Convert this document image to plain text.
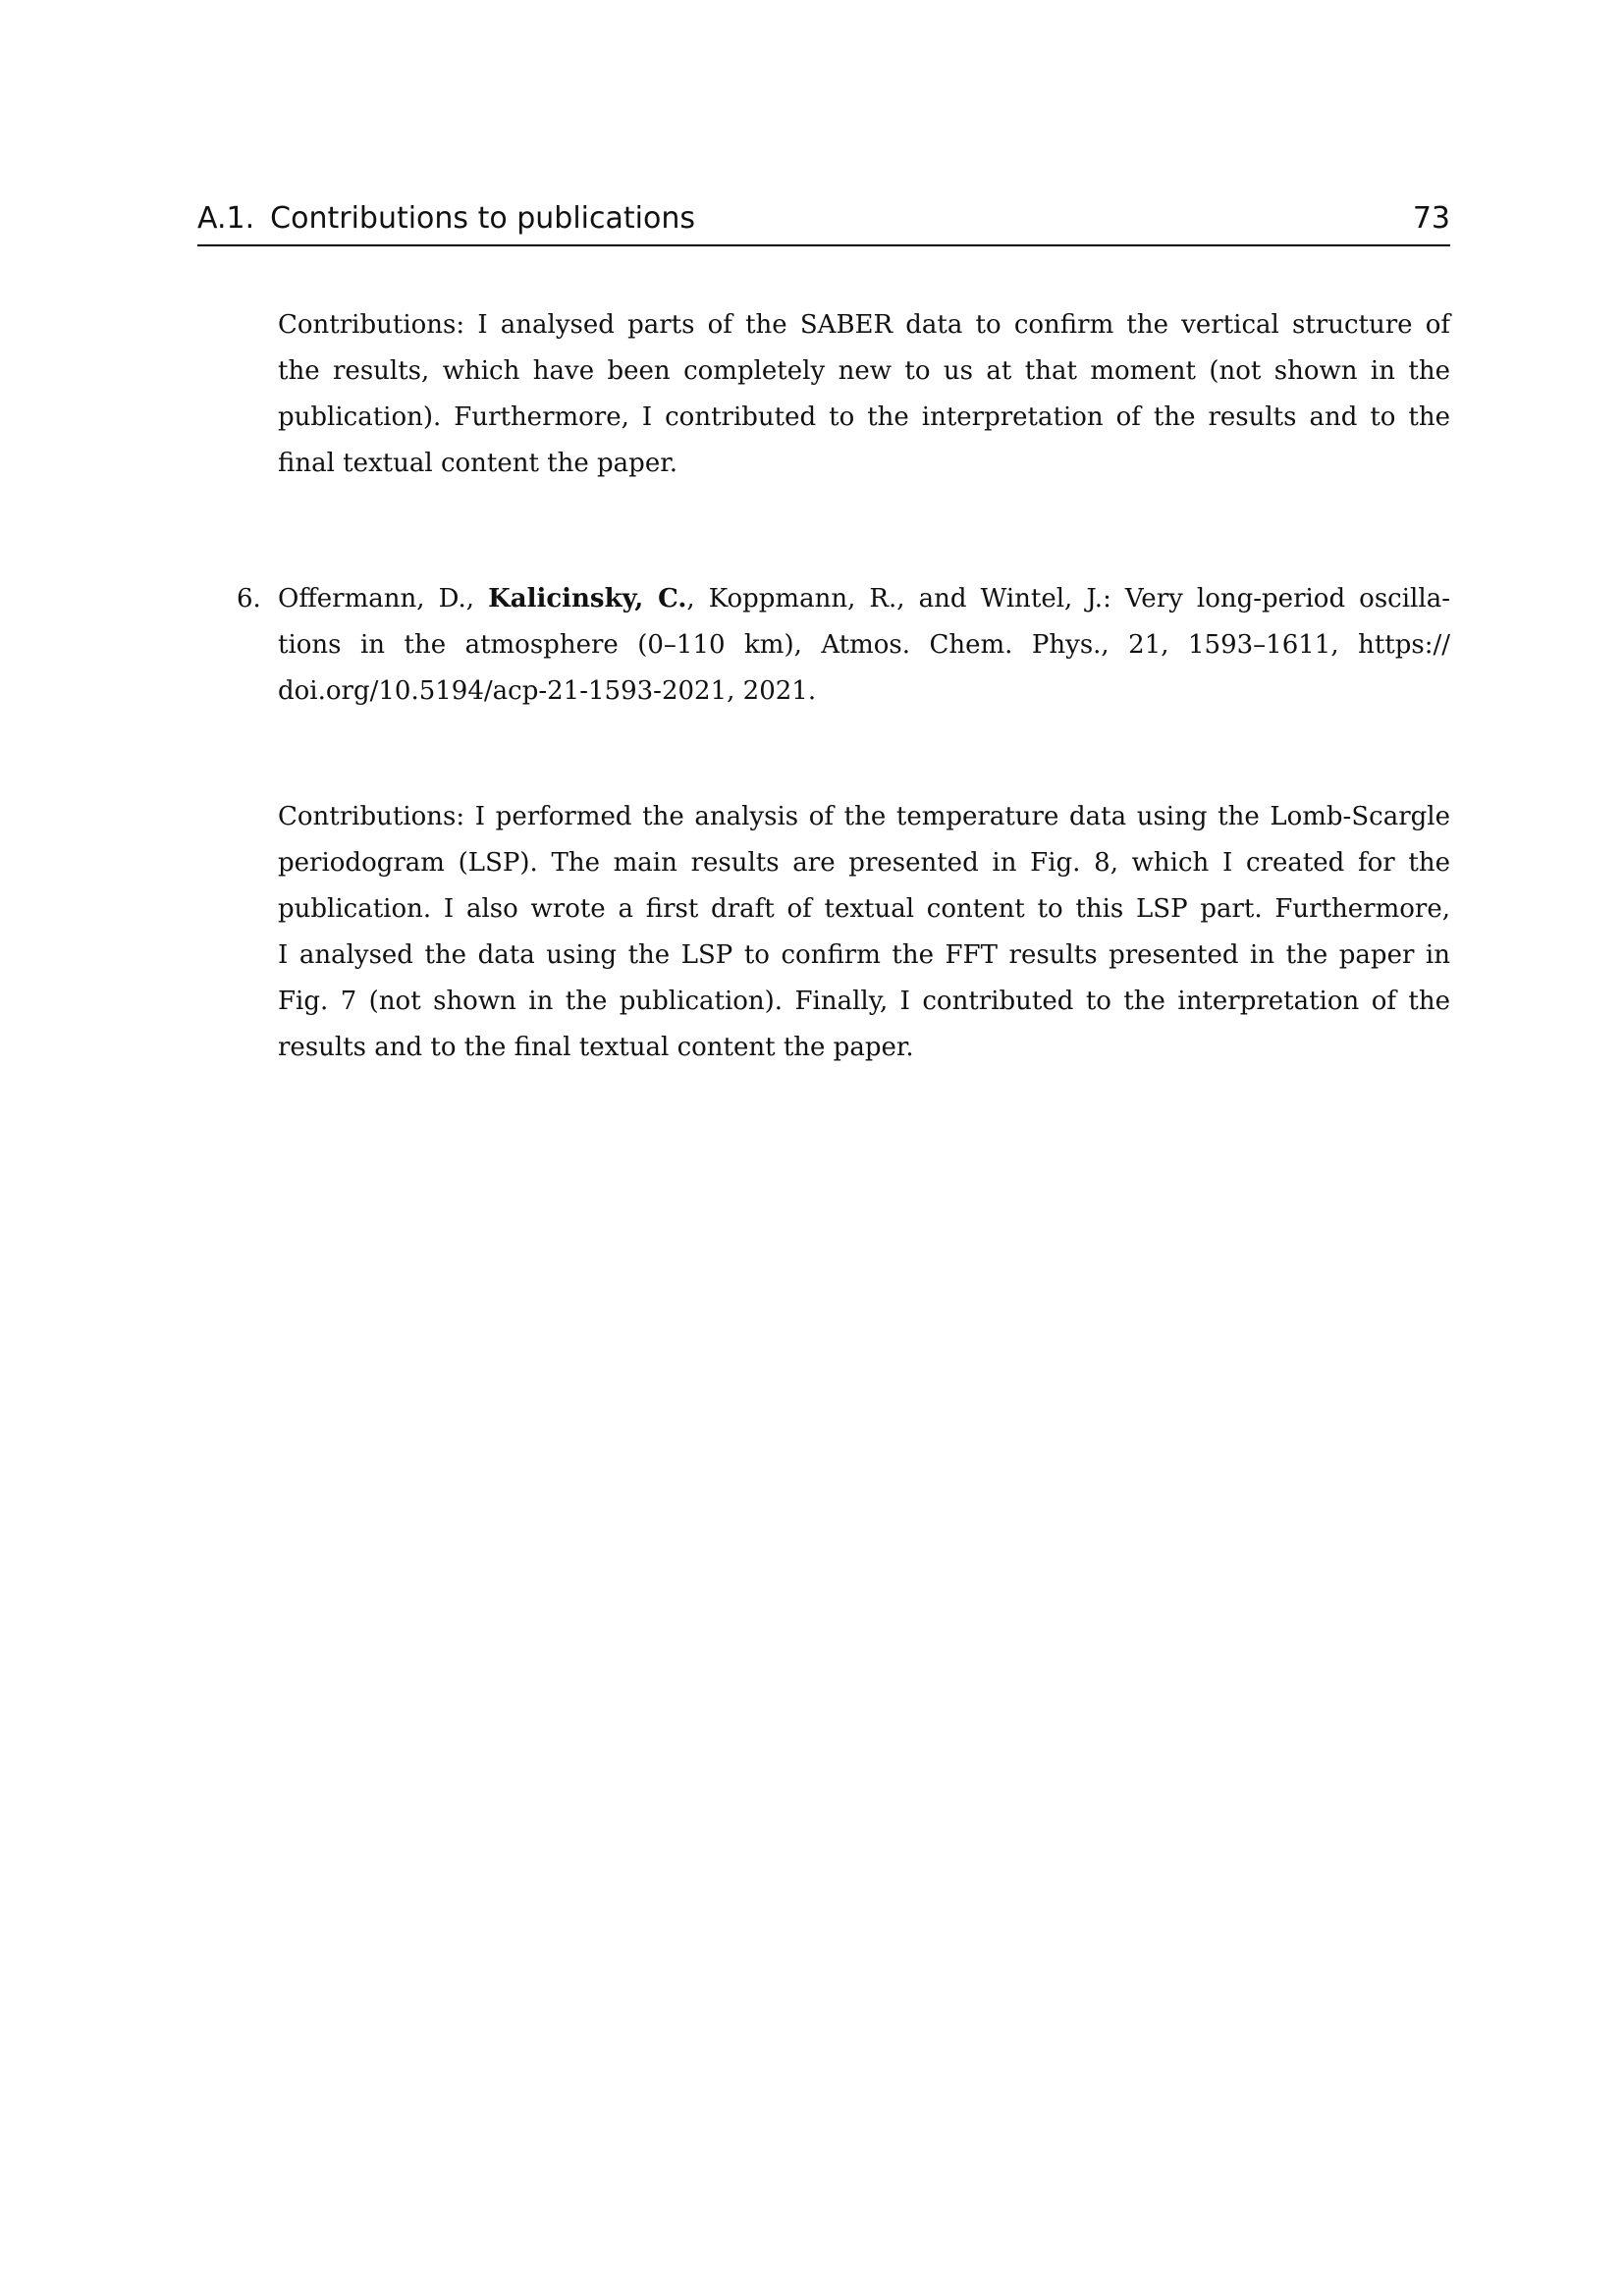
A.1. Contributions to publications	73
Contributions: I analysed parts of the SABER data to confirm the vertical structure of
the results, which have been completely new to us at that moment (not shown in the
publication). Furthermore, I contributed to the interpretation of the results and to the
final textual content the paper.
6. Offermann, D., Kalicinsky, C., Koppmann, R., and Wintel, J.: Very long-period oscilla-
tions in the atmosphere (0–110 km), Atmos. Chem. Phys., 21, 1593–1611, https://
doi.org/10.5194/acp-21-1593-2021, 2021.
Contributions: I performed the analysis of the temperature data using the Lomb-Scargle
periodogram (LSP). The main results are presented in Fig. 8, which I created for the
publication. I also wrote a first draft of textual content to this LSP part. Furthermore,
I analysed the data using the LSP to confirm the FFT results presented in the paper in
Fig. 7 (not shown in the publication). Finally, I contributed to the interpretation of the
results and to the final textual content the paper.
